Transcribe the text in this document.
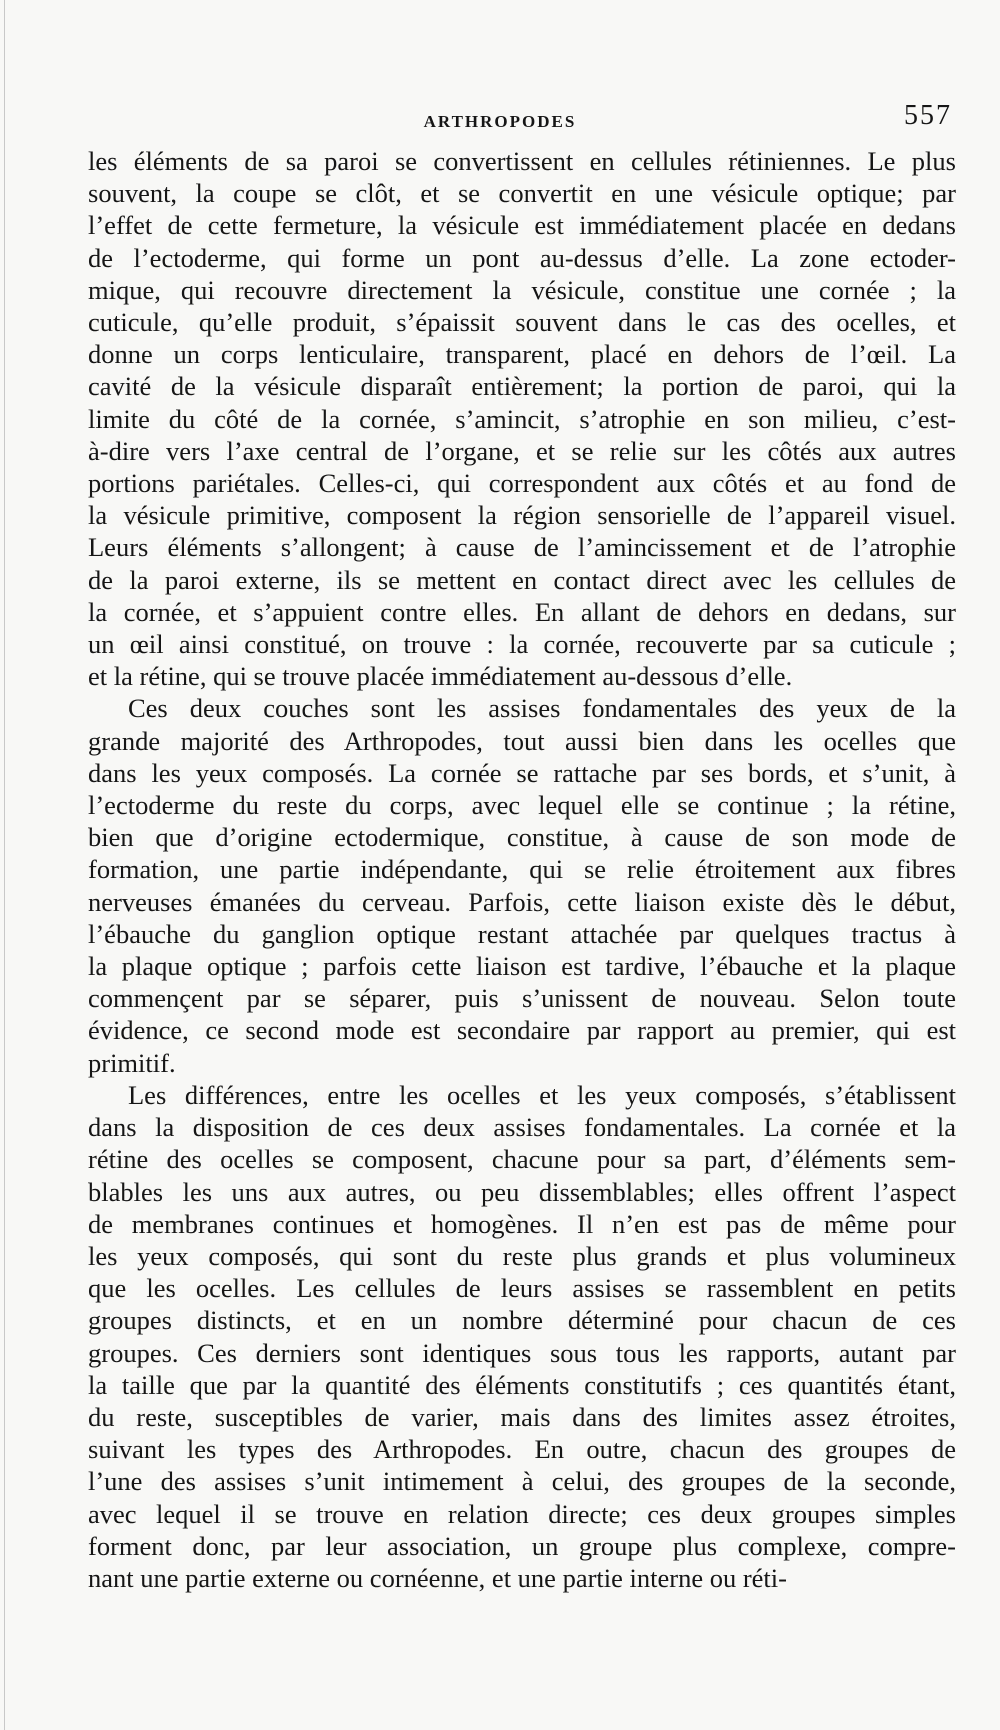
ARTHROPODES	557
les éléments de sa paroi se convertissent en cellules rétiniennes. Le plus
souvent, la coupe se clôt, et se convertit en une vésicule optique; par
l’effet de cette fermeture, la vésicule est immédiatement placée en dedans
de l’ectoderme, qui forme un pont au-dessus d’elle. La zone ectoder-
mique, qui recouvre directement la vésicule, constitue une cornée ; la
cuticule, qu’elle produit, s’épaissit souvent dans le cas des ocelles, et
donne un corps lenticulaire, transparent, placé en dehors de l’œil. La
cavité de la vésicule disparaît entièrement; la portion de paroi, qui la
limite du côté de la cornée, s’amincit, s’atrophie en son milieu, c’est-
à-dire vers l’axe central de l’organe, et se relie sur les côtés aux autres
portions pariétales. Celles-ci, qui correspondent aux côtés et au fond de
la vésicule primitive, composent la région sensorielle de l’appareil visuel.
Leurs éléments s’allongent; à cause de l’amincissement et de l’atrophie
de la paroi externe, ils se mettent en contact direct avec les cellules de
la cornée, et s’appuient contre elles. En allant de dehors en dedans, sur
un œil ainsi constitué, on trouve : la cornée, recouverte par sa cuticule ;
et la rétine, qui se trouve placée immédiatement au-dessous d’elle.
Ces deux couches sont les assises fondamentales des yeux de la
grande majorité des Arthropodes, tout aussi bien dans les ocelles que
dans les yeux composés. La cornée se rattache par ses bords, et s’unit, à
l’ectoderme du reste du corps, avec lequel elle se continue ; la rétine,
bien que d’origine ectodermique, constitue, à cause de son mode de
formation, une partie indépendante, qui se relie étroitement aux fibres
nerveuses émanées du cerveau. Parfois, cette liaison existe dès le début,
l’ébauche du ganglion optique restant attachée par quelques tractus à
la plaque optique ; parfois cette liaison est tardive, l’ébauche et la plaque
commençent par se séparer, puis s’unissent de nouveau. Selon toute
évidence, ce second mode est secondaire par rapport au premier, qui est
primitif.
Les différences, entre les ocelles et les yeux composés, s’établissent
dans la disposition de ces deux assises fondamentales. La cornée et la
rétine des ocelles se composent, chacune pour sa part, d’éléments sem-
blables les uns aux autres, ou peu dissemblables; elles offrent l’aspect
de membranes continues et homogènes. Il n’en est pas de même pour
les yeux composés, qui sont du reste plus grands et plus volumineux
que les ocelles. Les cellules de leurs assises se rassemblent en petits
groupes distincts, et en un nombre déterminé pour chacun de ces
groupes. Ces derniers sont identiques sous tous les rapports, autant par
la taille que par la quantité des éléments constitutifs ; ces quantités étant,
du reste, susceptibles de varier, mais dans des limites assez étroites,
suivant les types des Arthropodes. En outre, chacun des groupes de
l’une des assises s’unit intimement à celui, des groupes de la seconde,
avec lequel il se trouve en relation directe; ces deux groupes simples
forment donc, par leur association, un groupe plus complexe, compre-
nant une partie externe ou cornéenne, et une partie interne ou réti-
